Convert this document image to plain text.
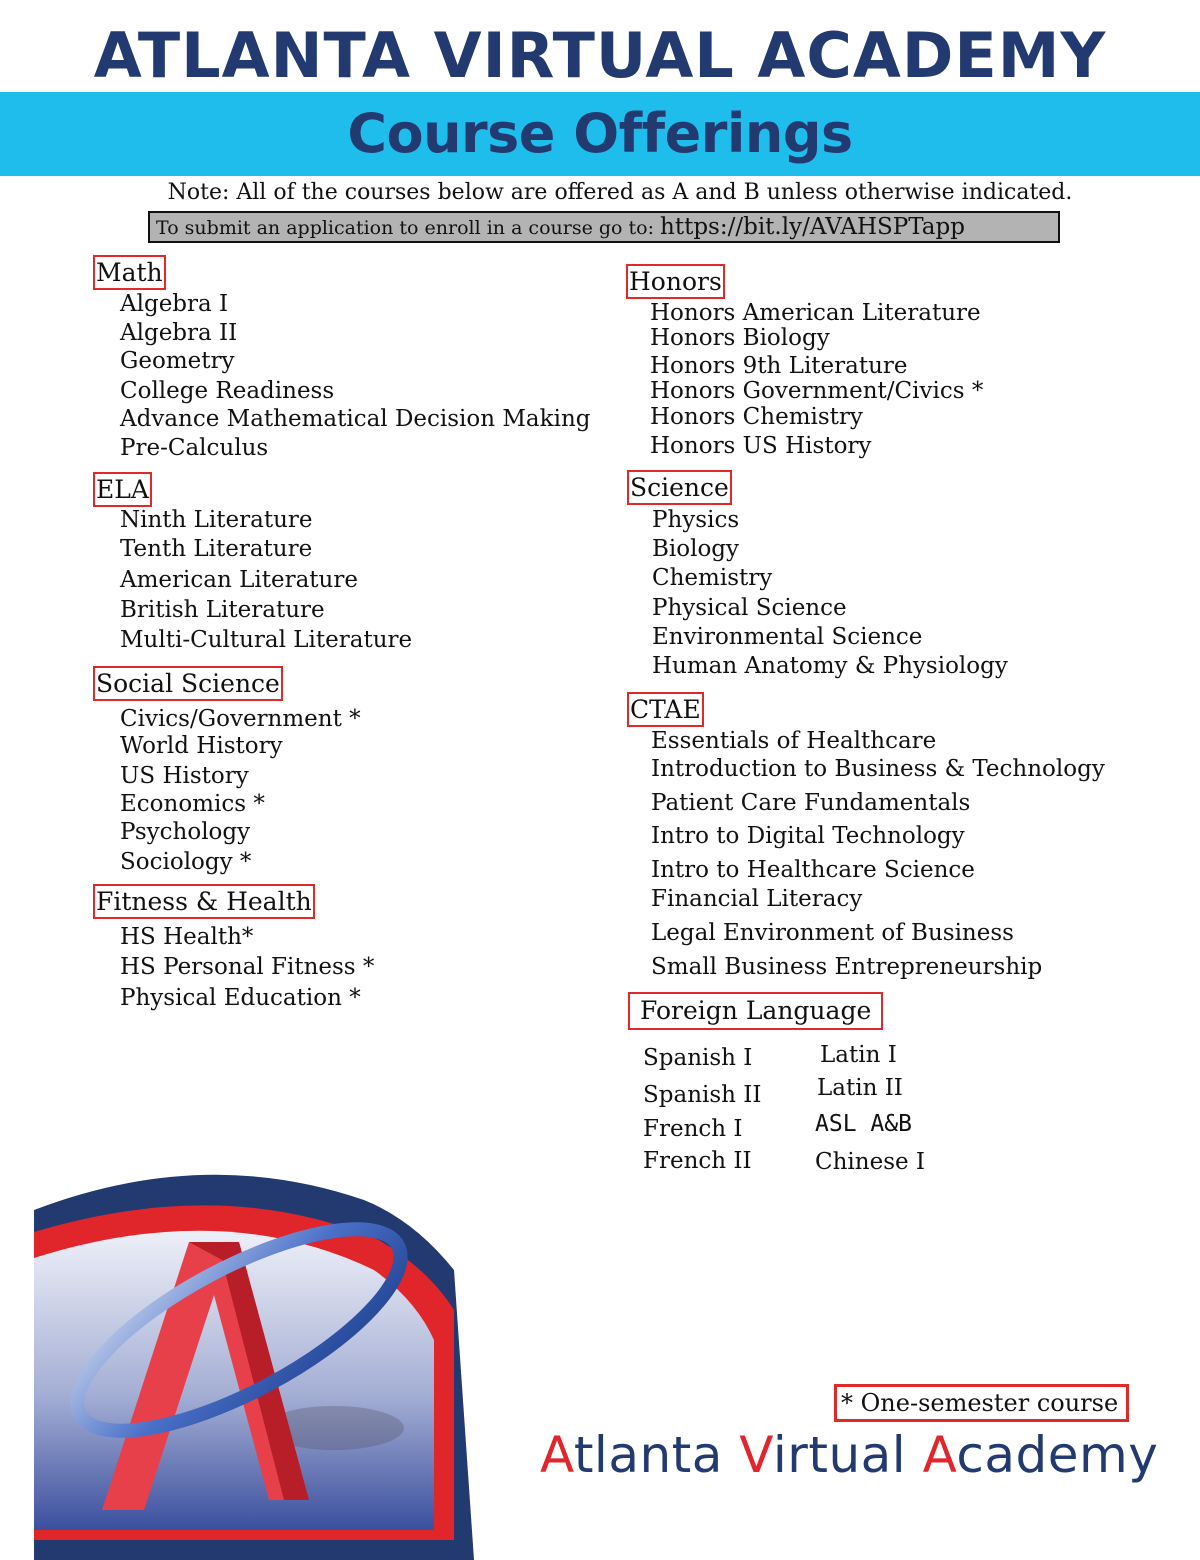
ATLANTA VIRTUAL ACADEMY
Course Offerings
Note: All of the courses below are offered as A and B unless otherwise indicated.
To submit an application to enroll in a course go to: https://bit.ly/AVAHSPTapp
Math
Algebra I
Algebra II
Geometry
College Readiness
Advance Mathematical Decision Making
Pre-Calculus
ELA
Ninth Literature
Tenth Literature
American Literature
British Literature
Multi-Cultural Literature
Social Science
Civics/Government *
World History
US History
Economics *
Psychology
Sociology *
Fitness & Health
HS Health*
HS Personal Fitness *
Physical Education *
Honors
Honors American Literature
Honors Biology
Honors 9th Literature
Honors Government/Civics *
Honors Chemistry
Honors US History
Science
Physics
Biology
Chemistry
Physical Science
Environmental Science
Human Anatomy & Physiology
CTAE
Essentials of Healthcare
Introduction to Business & Technology
Patient Care Fundamentals
Intro to Digital Technology
Intro to Healthcare Science
Financial Literacy
Legal Environment of Business
Small Business Entrepreneurship
Foreign Language
Spanish I
Spanish II
French I
French II
Latin I
Latin II
ASL A&B
Chinese I
* One-semester course
Atlanta Virtual Academy
